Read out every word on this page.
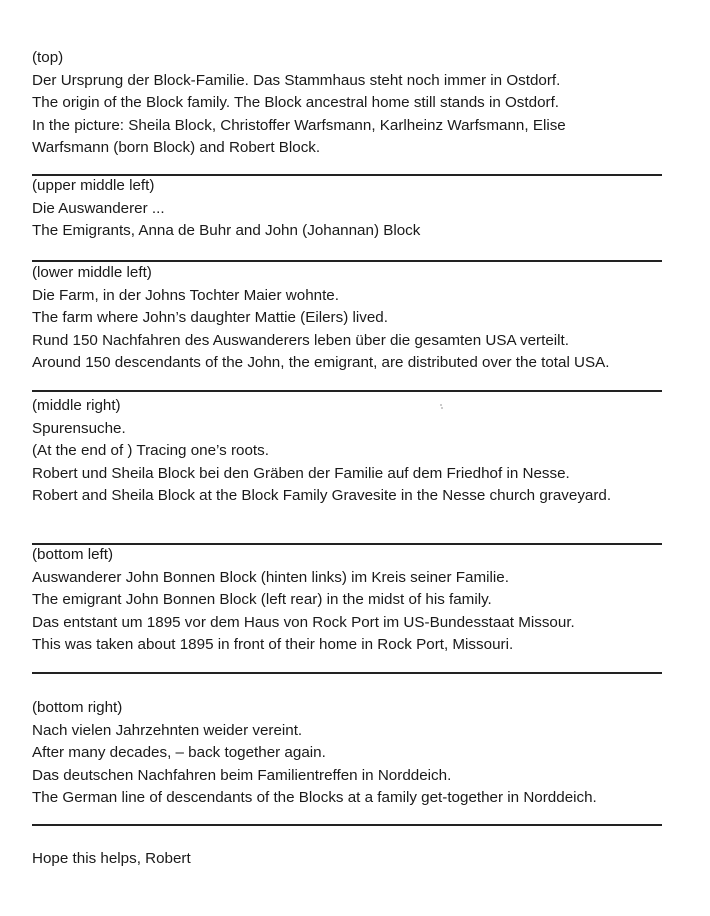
(top)

Der Ursprung der Block-Familie. Das Stammhaus steht noch immer in Ostdorf.

The origin of the Block family. The Block ancestral home still stands in Ostdorf.

In the picture: Sheila Block, Christoffer Warfsmann, Karlheinz Warfsmann, Elise

Warfsmann (born Block) and Robert Block.

(upper middle left)

Die Auswanderer ...

The Emigrants, Anna de Buhr and John (Johannan) Block

(lower middle left)

Die Farm, in der Johns Tochter Maier wohnte.

The farm where John’s daughter Mattie (Eilers) lived.

Rund 150 Nachfahren des Auswanderers leben über die gesamten USA verteilt.

Around 150 descendants of the John, the emigrant, are distributed over the total USA.

(middle right)

Spurensuche.

(At the end of ) Tracing one’s roots.

Robert und Sheila Block bei den Gräben der Familie auf dem Friedhof in Nesse.

Robert and Sheila Block at the Block Family Gravesite in the Nesse church graveyard.

(bottom left)

Auswanderer John Bonnen Block (hinten links) im Kreis seiner Familie.

The emigrant John Bonnen Block (left rear) in the midst of his family.

Das entstant um 1895 vor dem Haus von Rock Port im US-Bundesstaat Missour.

This was taken about 1895 in front of their home in Rock Port, Missouri.

(bottom right)

Nach vielen Jahrzehnten weider vereint.

After many decades, – back together again.

Das deutschen Nachfahren beim Familientreffen in Norddeich.

The German line of descendants of the Blocks at a family get-together in Norddeich.

Hope this helps, Robert
